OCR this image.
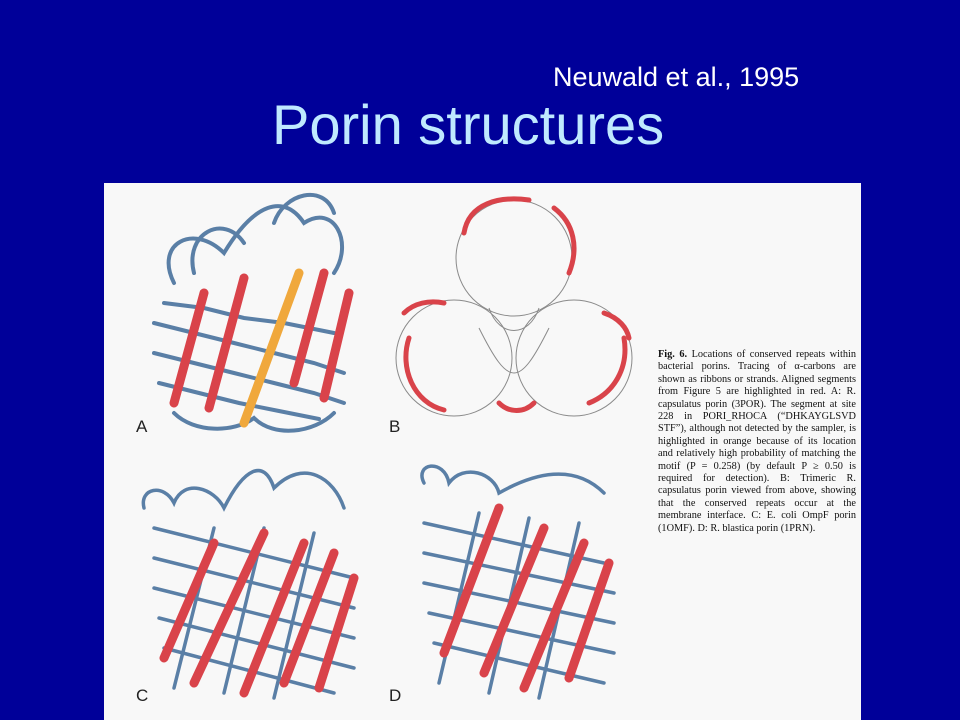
Neuwald et al., 1995
Porin structures
A	B
C	D
Fig. 6. Locations of conserved repeats within bacterial porins. Tracing of α-carbons are shown as ribbons or strands. Aligned segments from Figure 5 are highlighted in red. A: R. capsulatus porin (3POR). The segment at site 228 in PORI_RHOCA (“DHKAYGLSVD STF”), although not detected by the sampler, is highlighted in orange because of its location and relatively high probability of matching the motif (P = 0.258) (by default P ≥ 0.50 is required for detection). B: Trimeric R. capsulatus porin viewed from above, showing that the conserved repeats occur at the membrane interface. C: E. coli OmpF porin (1OMF). D: R. blastica porin (1PRN).
